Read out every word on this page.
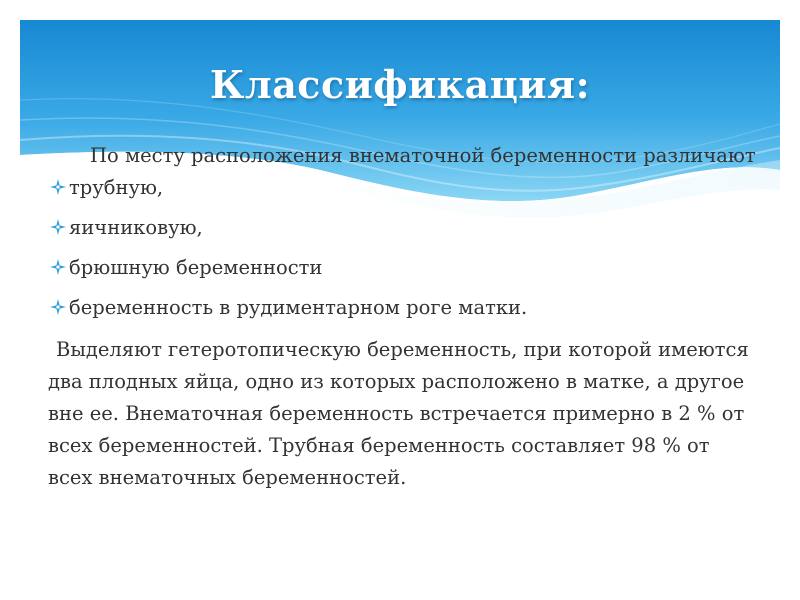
Классификация:

По месту расположения внематочной беременности различают

трубную,
яичниковую,
брюшную беременности
беременность в рудиментарном роге матки.

Выделяют гетеротопическую беременность, при которой имеются два плодных яйца, одно из которых расположено в матке, а другое вне ее. Внематочная беременность встречается примерно в 2 % от всех беременностей. Трубная беременность составляет 98 % от всех внематочных беременностей.
